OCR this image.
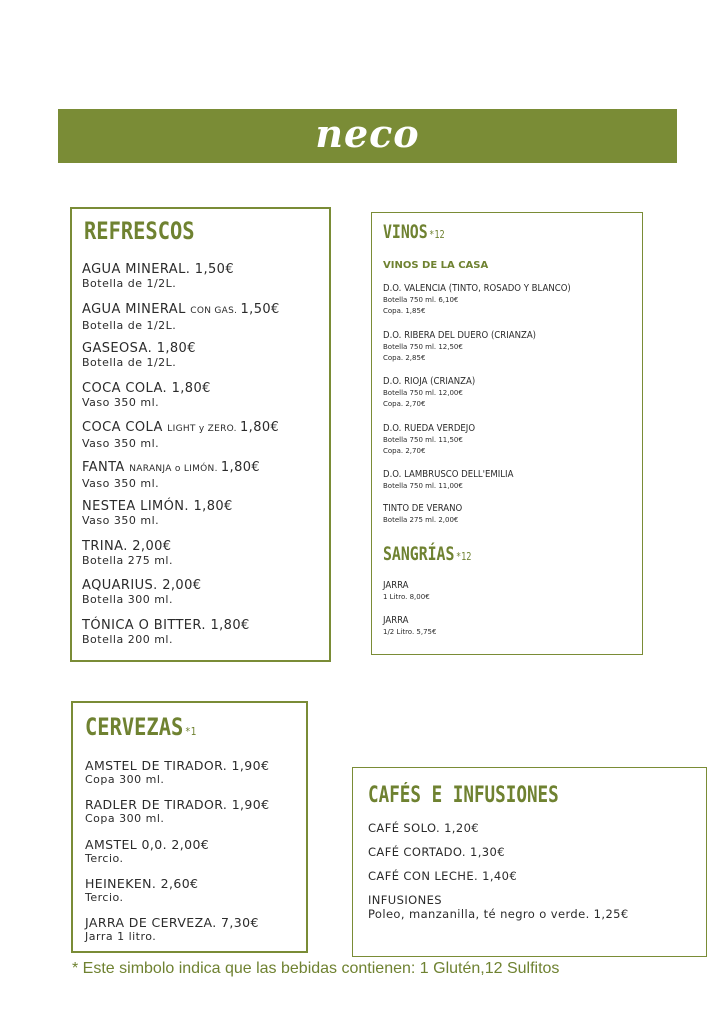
neco
REFRESCOS
AGUA MINERAL. 1,50€
Botella de 1/2L.
AGUA MINERAL CON GAS. 1,50€
Botella de 1/2L.
GASEOSA. 1,80€
Botella de 1/2L.
COCA COLA. 1,80€
Vaso 350 ml.
COCA COLA LIGHT y ZERO. 1,80€
Vaso 350 ml.
FANTA NARANJA o LIMÓN. 1,80€
Vaso 350 ml.
NESTEA LIMÓN. 1,80€
Vaso 350 ml.
TRINA. 2,00€
Botella 275 ml.
AQUARIUS. 2,00€
Botella 300 ml.
TÓNICA O BITTER. 1,80€
Botella 200 ml.
VINOS *12
VINOS DE LA CASA
D.O. VALENCIA (TINTO, ROSADO Y BLANCO)
Botella 750 ml. 6,10€
Copa. 1,85€
D.O. RIBERA DEL DUERO (CRIANZA)
Botella 750 ml. 12,50€
Copa. 2,85€
D.O. RIOJA (CRIANZA)
Botella 750 ml. 12,00€
Copa. 2,70€
D.O. RUEDA VERDEJO
Botella 750 ml. 11,50€
Copa. 2,70€
D.O. LAMBRUSCO DELL'EMILIA
Botella 750 ml. 11,00€
TINTO DE VERANO
Botella 275 ml. 2,00€
SANGRÍAS *12
JARRA
1 Litro. 8,00€
JARRA
1/2 Litro. 5,75€
CERVEZAS *1
AMSTEL DE TIRADOR. 1,90€
Copa 300 ml.
RADLER DE TIRADOR. 1,90€
Copa 300 ml.
AMSTEL 0,0. 2,00€
Tercio.
HEINEKEN. 2,60€
Tercio.
JARRA DE CERVEZA. 7,30€
Jarra 1 litro.
CAFÉS E INFUSIONES
CAFÉ SOLO. 1,20€
CAFÉ CORTADO. 1,30€
CAFÉ CON LECHE. 1,40€
INFUSIONES
Poleo, manzanilla, té negro o verde. 1,25€
* Este simbolo indica que las bebidas contienen: 1 Glutén,12 Sulfitos
